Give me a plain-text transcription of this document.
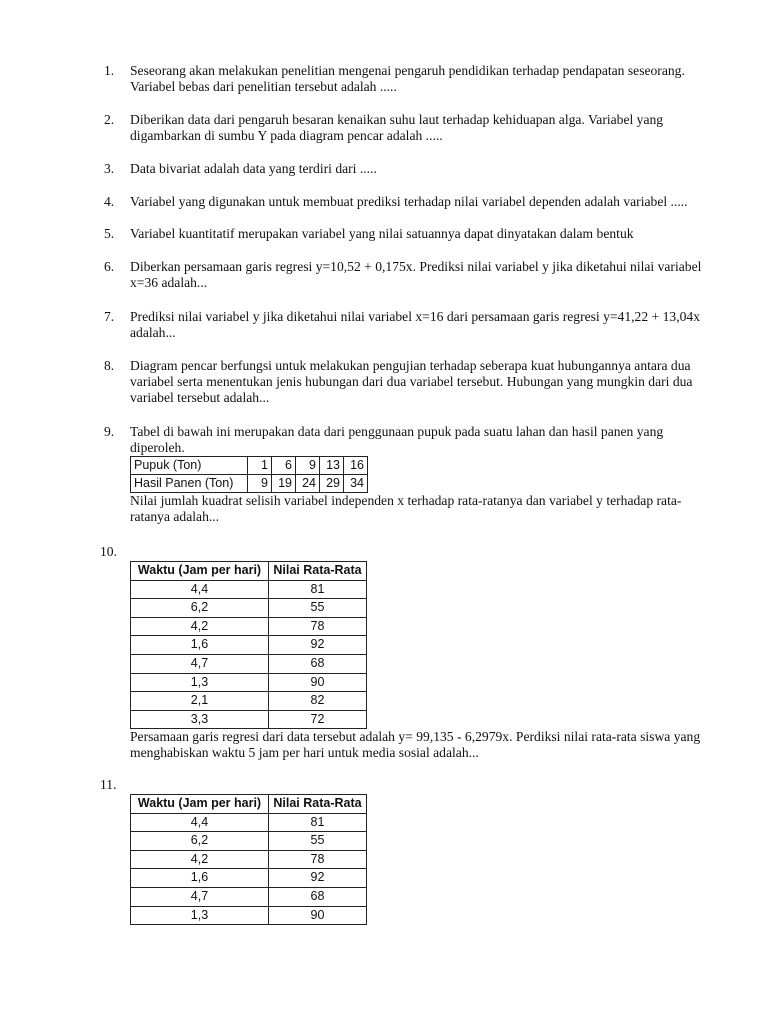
1.	Seseorang akan melakukan penelitian mengenai pengaruh pendidikan terhadap pendapatan seseorang. Variabel bebas dari penelitian tersebut adalah .....
2.	Diberikan data dari pengaruh besaran kenaikan suhu laut terhadap kehiduapan alga. Variabel yang digambarkan di sumbu Y pada diagram pencar adalah .....
3.	Data bivariat adalah data yang terdiri dari .....
4.	Variabel yang digunakan untuk membuat prediksi terhadap nilai variabel dependen adalah variabel .....
5.	Variabel kuantitatif merupakan variabel yang nilai satuannya dapat dinyatakan dalam bentuk
6.	Diberkan persamaan garis regresi y=10,52 + 0,175x. Prediksi nilai variabel y jika diketahui nilai variabel x=36 adalah...
7.	Prediksi nilai variabel y jika diketahui nilai variabel x=16 dari persamaan garis regresi y=41,22 + 13,04x adalah...
8.	Diagram pencar berfungsi untuk melakukan pengujian terhadap seberapa kuat hubungannya antara dua variabel serta menentukan jenis hubungan dari dua variabel tersebut. Hubungan yang mungkin dari dua variabel tersebut adalah...
9.	Tabel di bawah ini merupakan data dari penggunaan pupuk pada suatu lahan dan hasil panen yang diperoleh.
Pupuk (Ton)	1	6	9	13	16
Hasil Panen (Ton)	9	19	24	29	34
Nilai jumlah kuadrat selisih variabel independen x terhadap rata-ratanya dan variabel y terhadap rata-ratanya adalah...
10.
Waktu (Jam per hari)	Nilai Rata-Rata
4,4	81
6,2	55
4,2	78
1,6	92
4,7	68
1,3	90
2,1	82
3,3	72
Persamaan garis regresi dari data tersebut adalah y= 99,135 - 6,2979x. Perdiksi nilai rata-rata siswa yang menghabiskan waktu 5 jam per hari untuk media sosial adalah...
11.
Waktu (Jam per hari)	Nilai Rata-Rata
4,4	81
6,2	55
4,2	78
1,6	92
4,7	68
1,3	90
